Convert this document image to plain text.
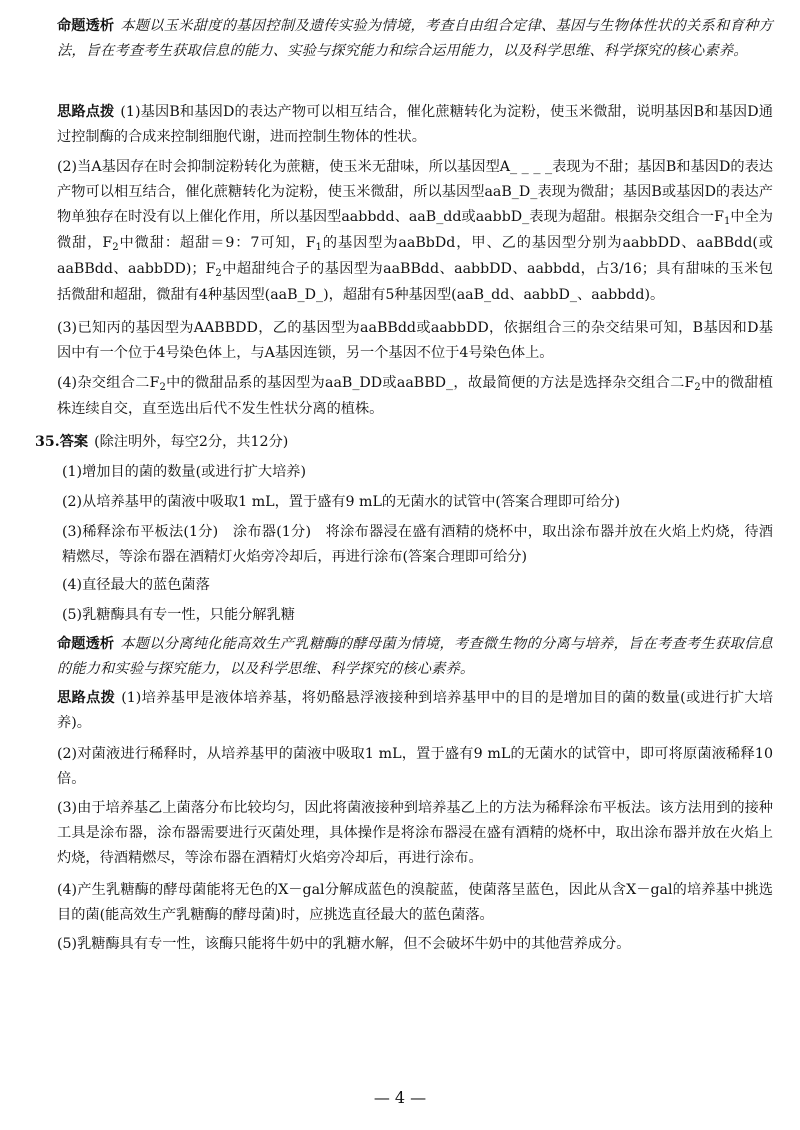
命题透析 本题以玉米甜度的基因控制及遗传实验为情境，考查自由组合定律、基因与生物体性状的关系和育种方法，旨在考查考生获取信息的能力、实验与探究能力和综合运用能力，以及科学思维、科学探究的核心素养。

思路点拨 (1)基因B和基因D的表达产物可以相互结合，催化蔗糖转化为淀粉，使玉米微甜，说明基因B和基因D通过控制酶的合成来控制细胞代谢，进而控制生物体的性状。

(2)当A基因存在时会抑制淀粉转化为蔗糖，使玉米无甜味，所以基因型A_ _ _ _表现为不甜；基因B和基因D的表达产物可以相互结合，催化蔗糖转化为淀粉，使玉米微甜，所以基因型aaB_D_表现为微甜；基因B或基因D的表达产物单独存在时没有以上催化作用，所以基因型aabbdd、aaB_dd或aabbD_表现为超甜。根据杂交组合一$F_1$中全为微甜，$F_2$中微甜：超甜＝9：7可知，$F_1$的基因型为aaBbDd，甲、乙的基因型分别为aabbDD、aaBBdd(或aaBBdd、aabbDD)；$F_2$中超甜纯合子的基因型为aaBBdd、aabbDD、aabbdd，占3/16；具有甜味的玉米包括微甜和超甜，微甜有4种基因型(aaB_D_)，超甜有5种基因型(aaB_dd、aabbD_、aabbdd)。

(3)已知丙的基因型为AABBDD，乙的基因型为aaBBdd或aabbDD，依据组合三的杂交结果可知，B基因和D基因中有一个位于4号染色体上，与A基因连锁，另一个基因不位于4号染色体上。

(4)杂交组合二$F_2$中的微甜品系的基因型为aaB_DD或aaBBD_，故最简便的方法是选择杂交组合二$F_2$中的微甜植株连续自交，直至选出后代不发生性状分离的植株。

35.答案 (除注明外，每空2分，共12分)

(1)增加目的菌的数量(或进行扩大培养)

(2)从培养基甲的菌液中吸取1 mL，置于盛有9 mL的无菌水的试管中(答案合理即可给分)

(3)稀释涂布平板法(1分)　涂布器(1分)　将涂布器浸在盛有酒精的烧杯中，取出涂布器并放在火焰上灼烧，待酒精燃尽，等涂布器在酒精灯火焰旁冷却后，再进行涂布(答案合理即可给分)

(4)直径最大的蓝色菌落

(5)乳糖酶具有专一性，只能分解乳糖

命题透析 本题以分离纯化能高效生产乳糖酶的酵母菌为情境，考查微生物的分离与培养，旨在考查考生获取信息的能力和实验与探究能力，以及科学思维、科学探究的核心素养。

思路点拨 (1)培养基甲是液体培养基，将奶酪悬浮液接种到培养基甲中的目的是增加目的菌的数量(或进行扩大培养)。

(2)对菌液进行稀释时，从培养基甲的菌液中吸取1 mL，置于盛有9 mL的无菌水的试管中，即可将原菌液稀释10倍。

(3)由于培养基乙上菌落分布比较均匀，因此将菌液接种到培养基乙上的方法为稀释涂布平板法。该方法用到的接种工具是涂布器，涂布器需要进行灭菌处理，具体操作是将涂布器浸在盛有酒精的烧杯中，取出涂布器并放在火焰上灼烧，待酒精燃尽，等涂布器在酒精灯火焰旁冷却后，再进行涂布。

(4)产生乳糖酶的酵母菌能将无色的X－gal分解成蓝色的溴靛蓝，使菌落呈蓝色，因此从含X－gal的培养基中挑选目的菌(能高效生产乳糖酶的酵母菌)时，应挑选直径最大的蓝色菌落。

(5)乳糖酶具有专一性，该酶只能将牛奶中的乳糖水解，但不会破坏牛奶中的其他营养成分。

— 4 —
